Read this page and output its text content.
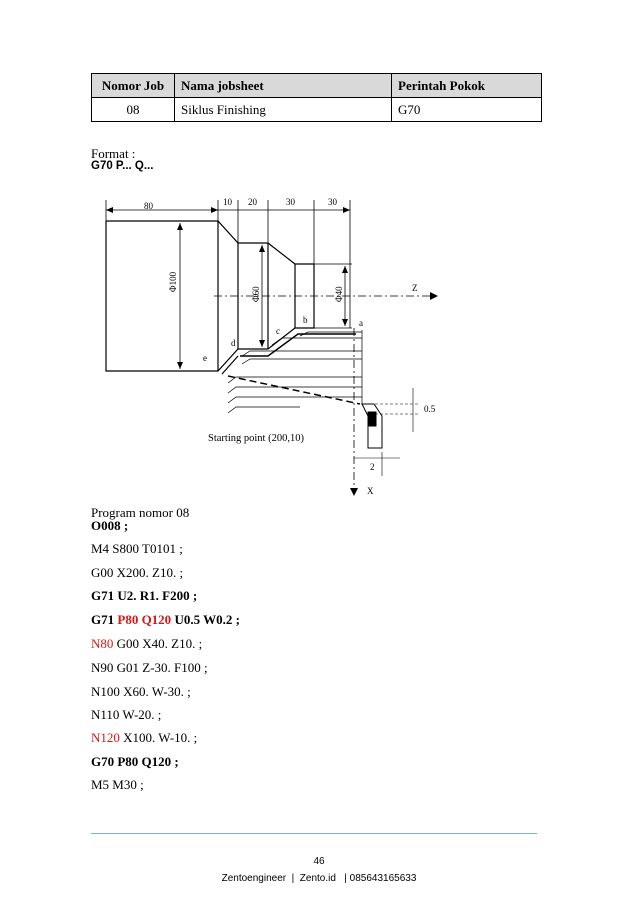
Nomor Job	Nama jobsheet	Perintah Pokok
08	Siklus Finishing	G70
Format :
G70 P... Q...
80	10 20	30	30
Φ100
Φ60	Φ40
a
b
c
d
e
Z
X
0.5
2
Starting point (200,10)
Program nomor 08
O008 ;
M4 S800 T0101 ;
G00 X200. Z10. ;
G71 U2. R1. F200 ;
G71 P80 Q120 U0.5 W0.2 ;
N80 G00 X40. Z10. ;
N90 G01 Z-30. F100 ;
N100 X60. W-30. ;
N110 W-20. ;
N120 X100. W-10. ;
G70 P80 Q120 ;
M5 M30 ;
46
Zentoengineer  |  Zento.id   | 085643165633
